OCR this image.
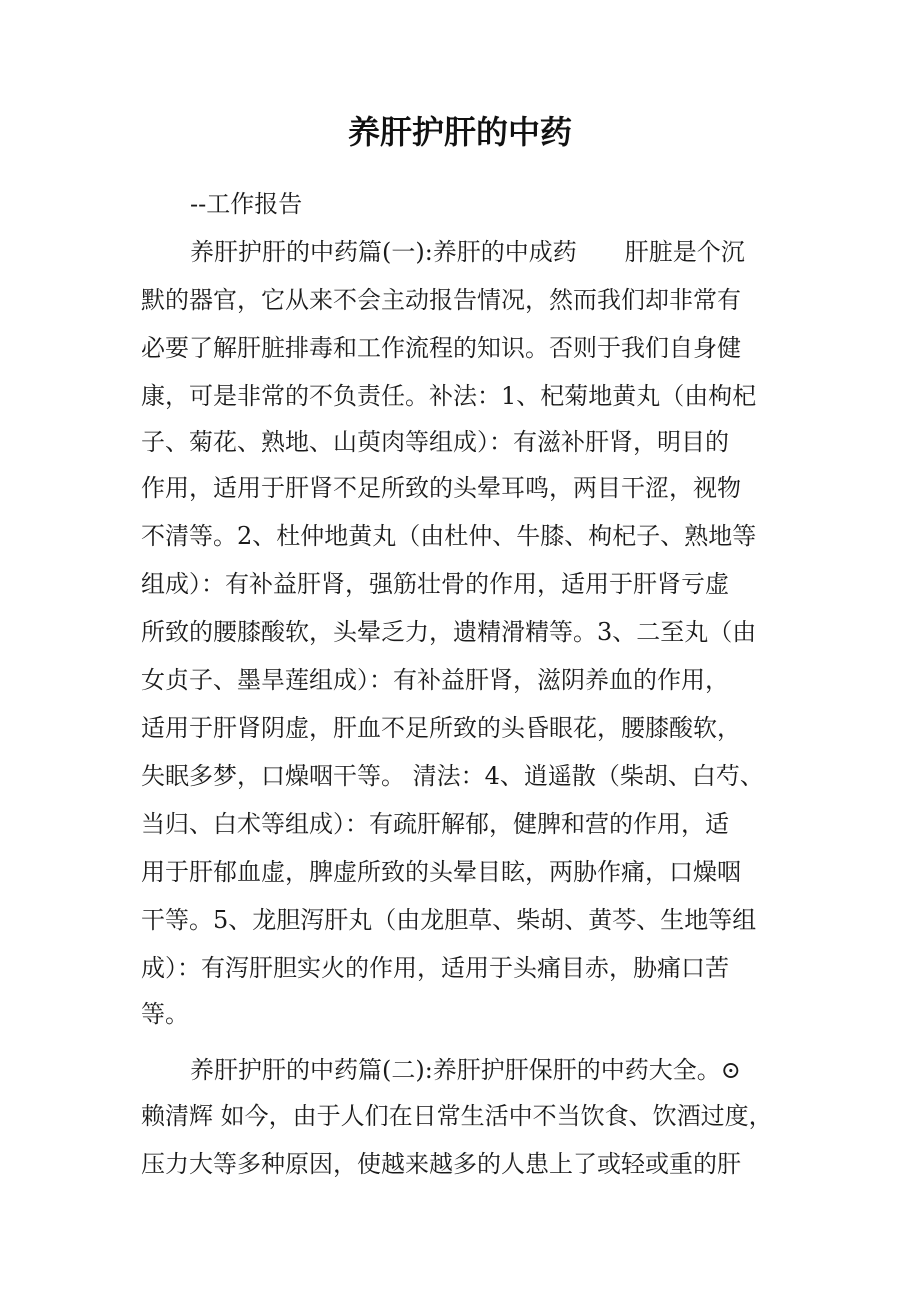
养肝护肝的中药

--工作报告

养肝护肝的中药篇(一):养肝的中成药　　肝脏是个沉

默的器官，它从来不会主动报告情况，然而我们却非常有

必要了解肝脏排毒和工作流程的知识。否则于我们自身健

康，可是非常的不负责任。补法：1、杞菊地黄丸（由枸杞

子、菊花、熟地、山萸肉等组成）：有滋补肝肾，明目的

作用，适用于肝肾不足所致的头晕耳鸣，两目干涩，视物

不清等。2、杜仲地黄丸（由杜仲、牛膝、枸杞子、熟地等

组成）：有补益肝肾，强筋壮骨的作用，适用于肝肾亏虚

所致的腰膝酸软，头晕乏力，遗精滑精等。3、二至丸（由

女贞子、墨旱莲组成）：有补益肝肾，滋阴养血的作用，

适用于肝肾阴虚，肝血不足所致的头昏眼花，腰膝酸软，

失眠多梦，口燥咽干等。 清法：4、逍遥散（柴胡、白芍、

当归、白术等组成）：有疏肝解郁，健脾和营的作用，适

用于肝郁血虚，脾虚所致的头晕目眩，两胁作痛，口燥咽

干等。5、龙胆泻肝丸（由龙胆草、柴胡、黄芩、生地等组

成）：有泻肝胆实火的作用，适用于头痛目赤，胁痛口苦

等。

养肝护肝的中药篇(二):养肝护肝保肝的中药大全。⊙

赖清辉 如今，由于人们在日常生活中不当饮食、饮酒过度，

压力大等多种原因，使越来越多的人患上了或轻或重的肝
